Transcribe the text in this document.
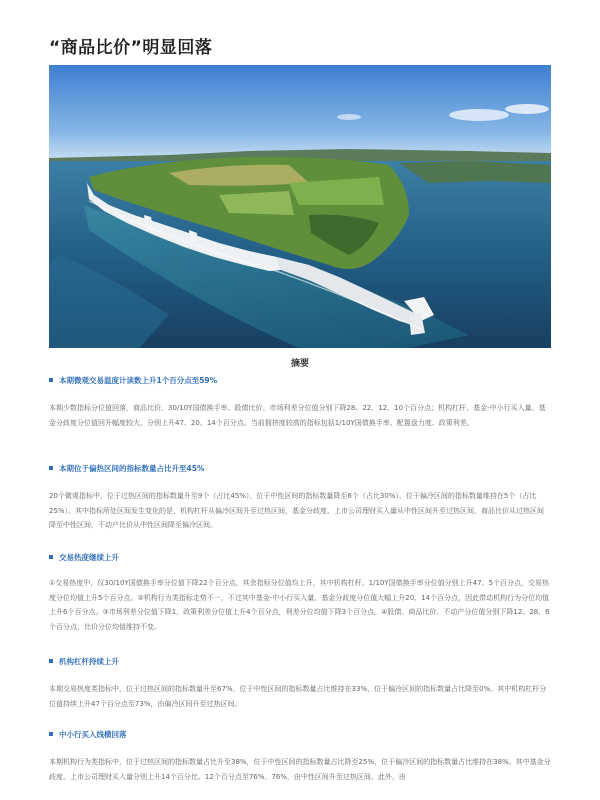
“商品比价”明显回落
摘要
本期微观交易温度计读数上升1个百分点至59%

本期少数指标分位值回落，商品比价、30/10Y国债换手率、股债比价、市场利差分位值分别下降28、22、12、10个百分点；机构杠杆、基金-中小行买入量、基金分歧度分位值回升幅度较大，分别上升47、20、14个百分点。当前拥挤度较高的指标包括1/10Y国债换手率、配置盘力度、政策利差。

本期位于偏热区间的指标数量占比升至45%

20个微观指标中，位于过热区间的指标数量升至9个（占比45%）、位于中性区间的指标数量降至6个（占比30%）、位于偏冷区间的指标数量维持在5个（占比25%）。其中指标所处区间发生变化的是，机构杠杆从偏冷区间升至过热区间，基金分歧度、上市公司理财买入量从中性区间升至过热区间，商品比价从过热区间降至中性区间，不动产比价从中性区间降至偏冷区间。

交易热度继续上升

①交易热度中，仅30/10Y国债换手率分位值下降22个百分点，其余指标分位值均上升，其中机构杠杆、1/10Y国债换手率分位值分别上升47、5个百分点，交易热度分位均值上升5个百分点。②机构行为类指标走势不一，不过其中基金-中小行买入量、基金分歧度分位值大幅上升20、14个百分点，因此带动机构行为分位均值上升6个百分点。③市场利差分位值下降1，政策利差分位值上升4个百分点，利差分位均值下降3个百分点。④股债、商品比价、不动产分位值分别下降12、28、6个百分点，比价分位均值维持不变。

机构杠杆持续上升

本期交易热度类指标中，位于过热区间的指标数量升至67%、位于中性区间的指标数量占比维持在33%，位于偏冷区间的指标数量占比降至0%。其中机构杠杆分位值持续上升47个百分点至73%，由偏冷区间升至过热区间。

中小行买入线横回落

本期机构行为类指标中，位于过热区间的指标数量占比升至38%，位于中性区间的指标数量占比降至25%，位于偏冷区间的指标数量占比维持在38%。其中基金分歧度、上市公司理财买入量分别上升14个百分比、12个百分点至76%、76%，由中性区间升至过热区间。此外，由
